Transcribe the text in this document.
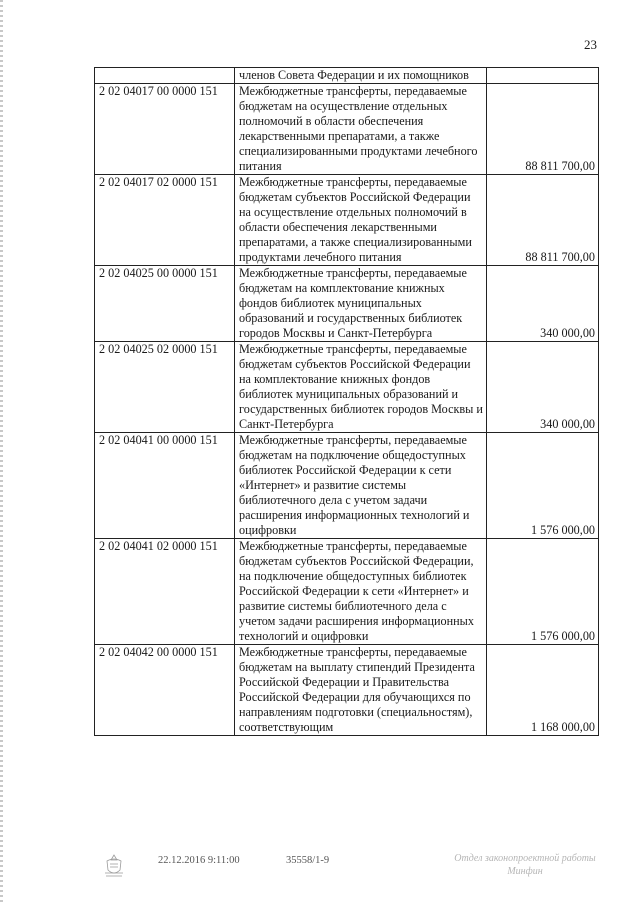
23
	членов Совета Федерации и их помощников	
2 02 04017 00 0000 151	Межбюджетные трансферты, передаваемые бюджетам на осуществление отдельных полномочий в области обеспечения лекарственными препаратами, а также специализированными продуктами лечебного питания	88 811 700,00
2 02 04017 02 0000 151	Межбюджетные трансферты, передаваемые бюджетам субъектов Российской Федерации на осуществление отдельных полномочий в области обеспечения лекарственными препаратами, а также специализированными продуктами лечебного питания	88 811 700,00
2 02 04025 00 0000 151	Межбюджетные трансферты, передаваемые бюджетам на комплектование книжных фондов библиотек муниципальных образований и государственных библиотек городов Москвы и Санкт-Петербурга	340 000,00
2 02 04025 02 0000 151	Межбюджетные трансферты, передаваемые бюджетам субъектов Российской Федерации на комплектование книжных фондов библиотек муниципальных образований и государственных библиотек городов Москвы и Санкт-Петербурга	340 000,00
2 02 04041 00 0000 151	Межбюджетные трансферты, передаваемые бюджетам на подключение общедоступных библиотек Российской Федерации к сети «Интернет» и развитие системы библиотечного дела с учетом задачи расширения информационных технологий и оцифровки	1 576 000,00
2 02 04041 02 0000 151	Межбюджетные трансферты, передаваемые бюджетам субъектов Российской Федерации, на подключение общедоступных библиотек Российской Федерации к сети «Интернет» и развитие системы библиотечного дела с учетом задачи расширения информационных технологий и оцифровки	1 576 000,00
2 02 04042 00 0000 151	Межбюджетные трансферты, передаваемые бюджетам на выплату стипендий Президента Российской Федерации и Правительства Российской Федерации для обучающихся по направлениям подготовки (специальностям), соответствующим	1 168 000,00
22.12.2016 9:11:00	35558/1-9	Отдел законопроектной работы
Минфин
